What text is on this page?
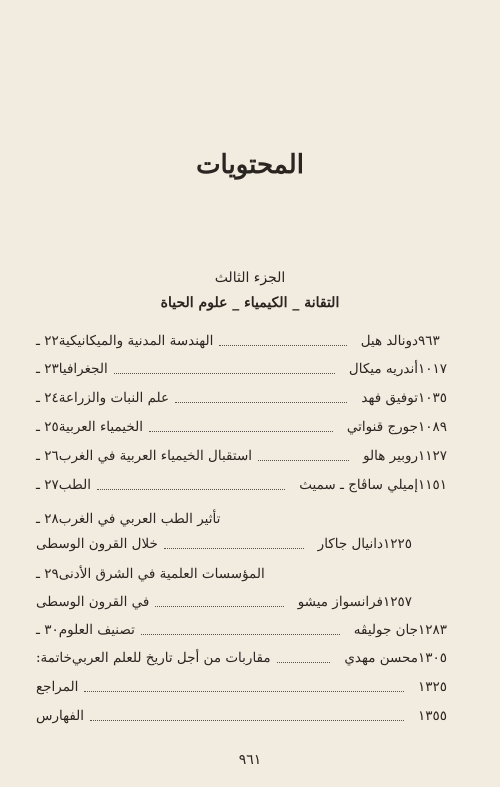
المحتويات
الجزء الثالث
التقانة _ الكيمياء _ علوم الحياة
٢٢ ـ الهندسة المدنية والميكانيكية	دونالد هيل ٩٦٣
٢٣ ـ الجغرافيا	أندريه ميكال ١٠١٧
٢٤ ـ علم النبات والزراعة	توفيق فهد ١٠٣٥
٢٥ ـ الخيمياء العربية	جورج قنواتي ١٠٨٩
٢٦ ـ استقبال الخيمياء العربية في الغرب	روبير هالو ١١٢٧
٢٧ ـ الطب	إميلي ساڤاج ـ سميث ١١٥١
٢٨ ـ تأثير الطب العربي في الغرب
خلال القرون الوسطى	دانيال جاكار ١٢٢٥
٢٩ ـ المؤسسات العلمية في الشرق الأدنى
في القرون الوسطى	فرانسواز ميشو ١٢٥٧
٣٠ ـ تصنيف العلوم	جان جوليڤه ١٢٨٣
خاتمة: مقاربات من أجل تاريخ للعلم العربي	محسن مهدي ١٣٠٥
المراجع	١٣٢٥
الفهارس	١٣٥٥
٩٦١
